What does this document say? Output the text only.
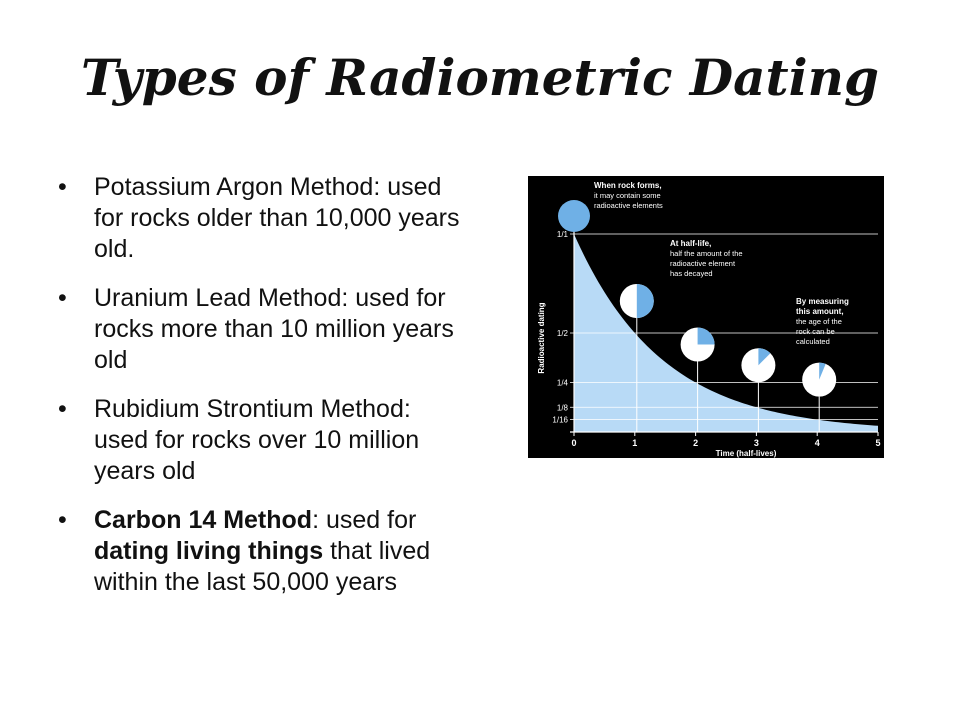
Types of Radiometric Dating
• Potassium Argon Method: used for rocks older than 10,000 years old.
• Uranium Lead Method: used for rocks more than 10 million years old
• Rubidium Strontium Method: used for rocks over 10 million years old
• Carbon 14 Method: used for dating living things that lived within the last 50,000 years
1/1
1/2
1/4
1/8
1/16
0	1	2	3	4	5
Time (half-lives)
Radioactive dating
When rock forms,
it may contain some
radioactive elements
At half-life,
half the amount of the
radioactive element
has decayed
By measuring
this amount,
the age of the
rock can be
calculated
